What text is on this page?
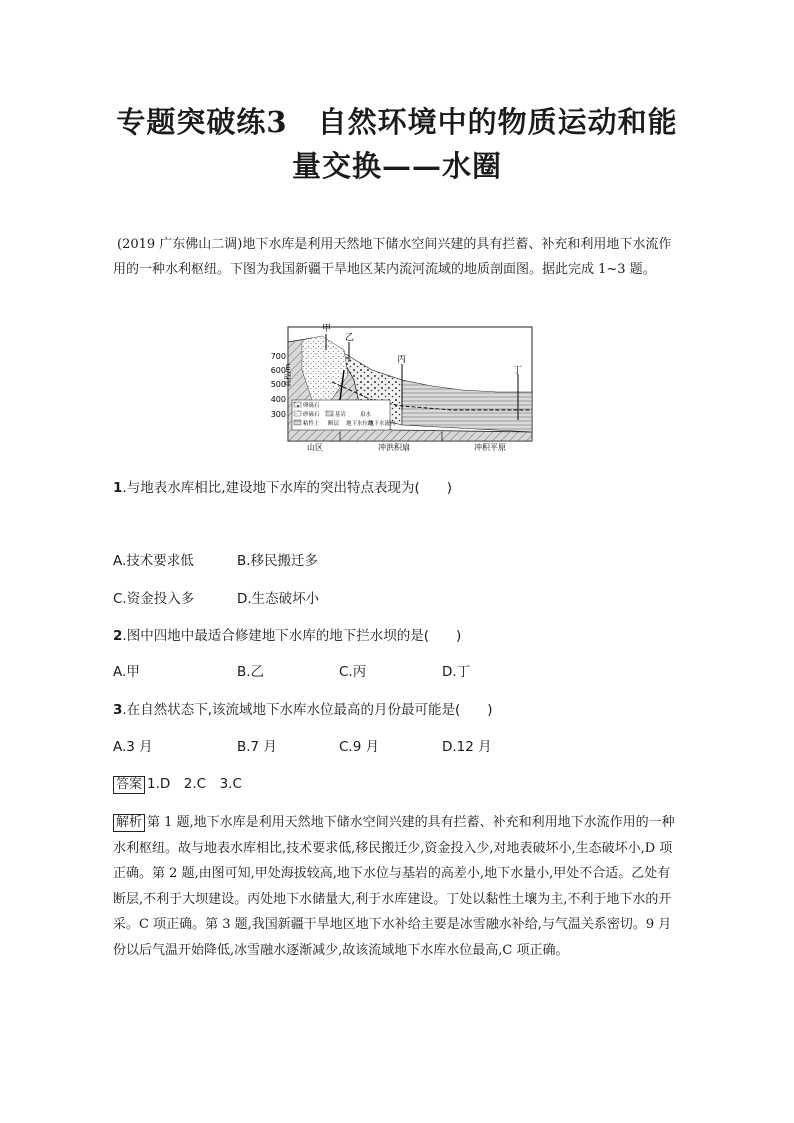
专题突破练3　自然环境中的物质运动和能
量交换——水圈
(2019 广东佛山二调)地下水库是利用天然地下储水空间兴建的具有拦蓄、补充和利用地下水流作用的一种水利枢纽。下图为我国新疆干旱地区某内流河流域的地质剖面图。据此完成 1~3 题。
高程/m
700
600
500
400
300
甲
乙
丙
丁
山区	冲洪积扇	冲积平原
卵砾石
砂砾石	基岩	泉水
粘性土 断层 地下水位线
地下水流向
1.与地表水库相比,建设地下水库的突出特点表现为(　　)
A.技术要求低	B.移民搬迁多
C.资金投入多	D.生态破坏小
2.图中四地中最适合修建地下水库的地下拦水坝的是(　　)
A.甲	B.乙	C.丙	D.丁
3.在自然状态下,该流域地下水库水位最高的月份最可能是(　　)
A.3 月	B.7 月	C.9 月	D.12 月
答案 1.D　2.C　3.C
解析 第 1 题,地下水库是利用天然地下储水空间兴建的具有拦蓄、补充和利用地下水流作用的一种水利枢纽。故与地表水库相比,技术要求低,移民搬迁少,资金投入少,对地表破坏小,生态破坏小,D 项正确。第 2 题,由图可知,甲处海拔较高,地下水位与基岩的高差小,地下水量小,甲处不合适。乙处有断层,不利于大坝建设。丙处地下水储量大,利于水库建设。丁处以黏性土壤为主,不利于地下水的开采。C 项正确。第 3 题,我国新疆干旱地区地下水补给主要是冰雪融水补给,与气温关系密切。9 月份以后气温开始降低,冰雪融水逐渐减少,故该流域地下水库水位最高,C 项正确。
